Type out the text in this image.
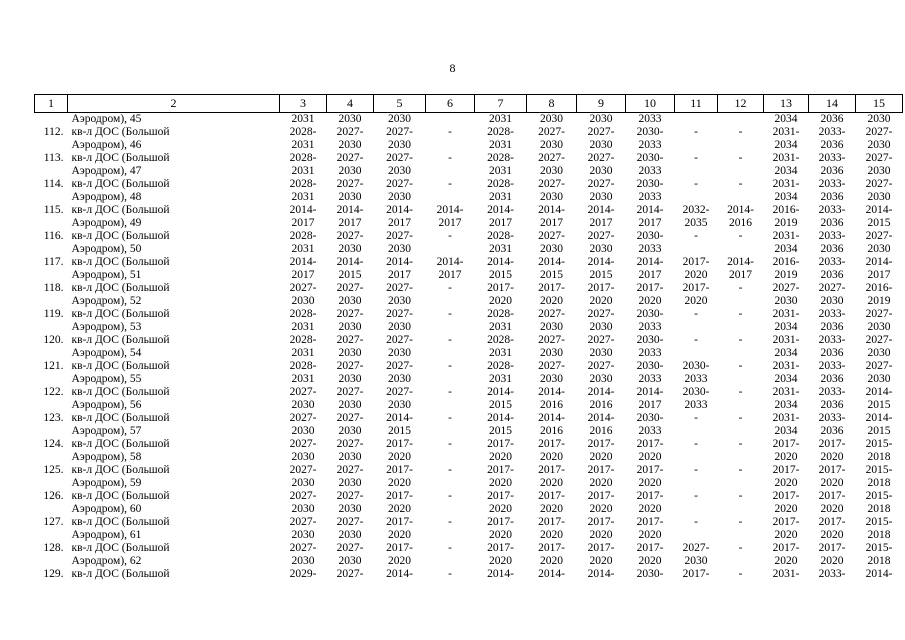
8
1	2	3	4	5	6	7	8	9	10	11	12	13	14	15
	Аэродром), 45	2031	2030	2030		2031	2030	2030	2033			2034	2036	2030
112.	кв-л ДОС (Большой	2028-	2027-	2027-	-	2028-	2027-	2027-	2030-	-	-	2031-	2033-	2027-
	Аэродром), 46	2031	2030	2030		2031	2030	2030	2033			2034	2036	2030
113.	кв-л ДОС (Большой	2028-	2027-	2027-	-	2028-	2027-	2027-	2030-	-	-	2031-	2033-	2027-
	Аэродром), 47	2031	2030	2030		2031	2030	2030	2033			2034	2036	2030
114.	кв-л ДОС (Большой	2028-	2027-	2027-	-	2028-	2027-	2027-	2030-	-	-	2031-	2033-	2027-
	Аэродром), 48	2031	2030	2030		2031	2030	2030	2033			2034	2036	2030
115.	кв-л ДОС (Большой	2014-	2014-	2014-	2014-	2014-	2014-	2014-	2014-	2032-	2014-	2016-	2033-	2014-
	Аэродром), 49	2017	2017	2017	2017	2017	2017	2017	2017	2035	2016	2019	2036	2015
116.	кв-л ДОС (Большой	2028-	2027-	2027-	-	2028-	2027-	2027-	2030-	-	-	2031-	2033-	2027-
	Аэродром), 50	2031	2030	2030		2031	2030	2030	2033			2034	2036	2030
117.	кв-л ДОС (Большой	2014-	2014-	2014-	2014-	2014-	2014-	2014-	2014-	2017-	2014-	2016-	2033-	2014-
	Аэродром), 51	2017	2015	2017	2017	2015	2015	2015	2017	2020	2017	2019	2036	2017
118.	кв-л ДОС (Большой	2027-	2027-	2027-	-	2017-	2017-	2017-	2017-	2017-	-	2027-	2027-	2016-
	Аэродром), 52	2030	2030	2030		2020	2020	2020	2020	2020		2030	2030	2019
119.	кв-л ДОС (Большой	2028-	2027-	2027-	-	2028-	2027-	2027-	2030-	-	-	2031-	2033-	2027-
	Аэродром), 53	2031	2030	2030		2031	2030	2030	2033			2034	2036	2030
120.	кв-л ДОС (Большой	2028-	2027-	2027-	-	2028-	2027-	2027-	2030-	-	-	2031-	2033-	2027-
	Аэродром), 54	2031	2030	2030		2031	2030	2030	2033			2034	2036	2030
121.	кв-л ДОС (Большой	2028-	2027-	2027-	-	2028-	2027-	2027-	2030-	2030-	-	2031-	2033-	2027-
	Аэродром), 55	2031	2030	2030		2031	2030	2030	2033	2033		2034	2036	2030
122.	кв-л ДОС (Большой	2027-	2027-	2027-	-	2014-	2014-	2014-	2014-	2030-	-	2031-	2033-	2014-
	Аэродром), 56	2030	2030	2030		2015	2016	2016	2017	2033		2034	2036	2015
123.	кв-л ДОС (Большой	2027-	2027-	2014-	-	2014-	2014-	2014-	2030-	-	-	2031-	2033-	2014-
	Аэродром), 57	2030	2030	2015		2015	2016	2016	2033			2034	2036	2015
124.	кв-л ДОС (Большой	2027-	2027-	2017-	-	2017-	2017-	2017-	2017-	-	-	2017-	2017-	2015-
	Аэродром), 58	2030	2030	2020		2020	2020	2020	2020			2020	2020	2018
125.	кв-л ДОС (Большой	2027-	2027-	2017-	-	2017-	2017-	2017-	2017-	-	-	2017-	2017-	2015-
	Аэродром), 59	2030	2030	2020		2020	2020	2020	2020			2020	2020	2018
126.	кв-л ДОС (Большой	2027-	2027-	2017-	-	2017-	2017-	2017-	2017-	-	-	2017-	2017-	2015-
	Аэродром), 60	2030	2030	2020		2020	2020	2020	2020			2020	2020	2018
127.	кв-л ДОС (Большой	2027-	2027-	2017-	-	2017-	2017-	2017-	2017-	-	-	2017-	2017-	2015-
	Аэродром), 61	2030	2030	2020		2020	2020	2020	2020			2020	2020	2018
128.	кв-л ДОС (Большой	2027-	2027-	2017-	-	2017-	2017-	2017-	2017-	2027-	-	2017-	2017-	2015-
	Аэродром), 62	2030	2030	2020		2020	2020	2020	2020	2030		2020	2020	2018
129.	кв-л ДОС (Большой	2029-	2027-	2014-	-	2014-	2014-	2014-	2030-	2017-	-	2031-	2033-	2014-
